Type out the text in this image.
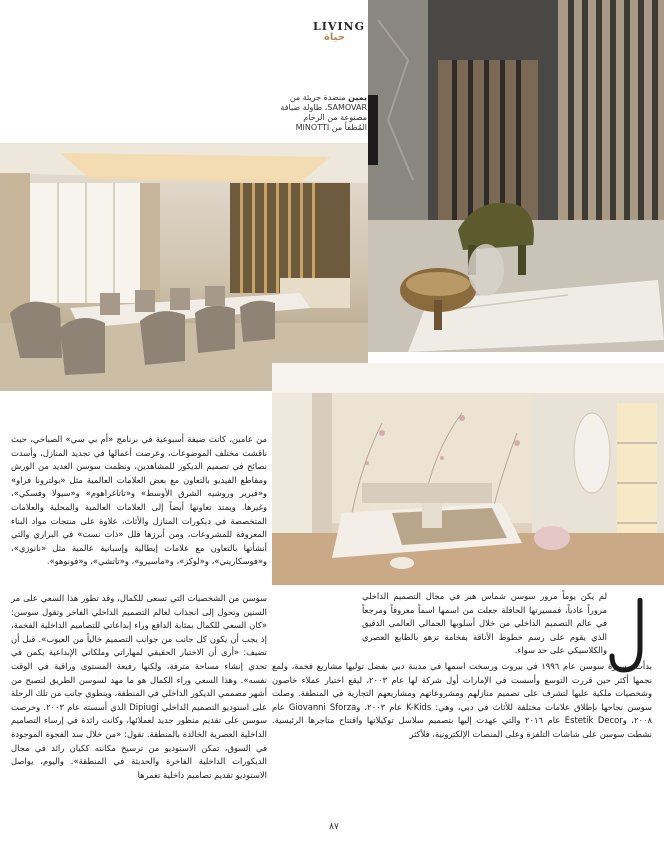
LIVING
حياة
يمين منضدة جريئة من SAMOVAR، طاولة ضيافة مصنوعة من الرخام المُطفأ من MINOTTI

من عامين، كانت ضيفة أسبوعية في برنامج «أم بي سي» الصباحي، حيث ناقشت مختلف الموضوعات، وعرضت أعمالها في تجديد المنازل، وأسدت نصائح في تصميم الديكور للمشاهدين، ونظمت سوسن العديد من الورش ومقاطع الفيديو بالتعاون مع بعض العلامات العالمية مثل «بولترونا فراو» و«فيرير وروشيه الشرق الأوسط» و«تاتاغراهوم» و«سيولا وفسكي»، وغيرها. ويمتد تعاونها أيضاً إلى العلامات العالمية والمحلية والعلامات المتخصصة في ديكورات المنازل والأثاث، علاوة على منتجات مواد البناء المعروفة للمشروعات، ومن أبرزها فلل «ذات نست» في البراري والتي أنشأتها بالتعاون مع علامات إيطالية وإسبانية عالمية مثل «نانوزي»، و«فوسكاريني»، و«لوكز»، و«ماسيرو»، و«تاتشي»، و«فونوهو».

سوسن من الشخصيات التي تسعى للكمال، وقد تطور هذا السعي على مر السنين وتحول إلى انجذاب لعالم التصميم الداخلي الفاخر وتقول سوسن: «كان السعي للكمال بمثابة الدافع وراء إبداعاتي للتصاميم الداخلية الفخمة، إذ يجب أن يكون كل جانب من جوانب التصميم خالياً من العيوب». قبل أن تضيف: «أرى أن الاختبار الحقيقي لمهاراتي وملكاتي الإبداعية يكمن في تحدي إنشاء مساحة مترفة، ولكنها رفيعة المستوى وراقية في الوقت نفسه». وهذا السعي وراء الكمال هو ما مهد لسوسن الطريق لتصبح من أشهر مصممي الديكور الداخلي في المنطقة، وينطوي جانب من تلك الرحلة على استوديو التصميم الداخلي Dipiugi الذي أسسته عام ٢٠٠٣. وحرصت سوسن على تقديم منظور جديد لعملائها، وكانت رائدة في إرساء التصاميم الداخلية العصرية الخالدة بالمنطقة. تقول: «من خلال سد الفجوة الموجودة في السوق، تمكن الاستوديو من ترسيخ مكانته ككيان رائد في مجال الديكورات الداخلية الفاخرة والحديثة في المنطقة». واليوم، يواصل الاستوديو تقديم تصاميم داخلية تغمرها

لم يكن يوماً مرور سوسن شماس هبر في مجال التصميم الداخلي مروراً عادياً، فمسيرتها الحافلة جعلت من اسمها اسماً معروفاً ومرجعاً في عالم التصميم الداخلي من خلال أسلوبها الجمالي العالمي الدقيق الذي يقوم على رسم خطوط الأناقة بفخامة تزهو بالطابع العصري والكلاسيكي على حد سواء.

بدأت مسيرة سوسن عام ١٩٩٦ في بيروت ورسخت اسمها في مدينة دبي بفضل توليها مشاريع فخمة، ولمع نجمها أكثر حين قررت التوسع وأسست في الإمارات أول شركة لها عام ٢٠٠٣، ليقع اختيار عملاء خاصون وشخصيات ملكية عليها لتشرف على تصميم منازلهم ومشروعاتهم ومشاريعهم التجارية في المنطقة. وصلت سوسن نجاحها بإطلاق علامات مختلفة للأثاث في دبي، وهي: K-Kids عام ٢٠٠٣، وGiovanni Sforza عام ٢٠٠٨، وEstetik Decor عام ٢٠١٦ والتي عهدت إليها بتصميم سلاسل توكيلاتها وافتتاح متاجرها الرئيسية. نشطت سوسن على شاشات التلفزة وعلى المنصات الإلكترونية، فلأكثر

٨٧
